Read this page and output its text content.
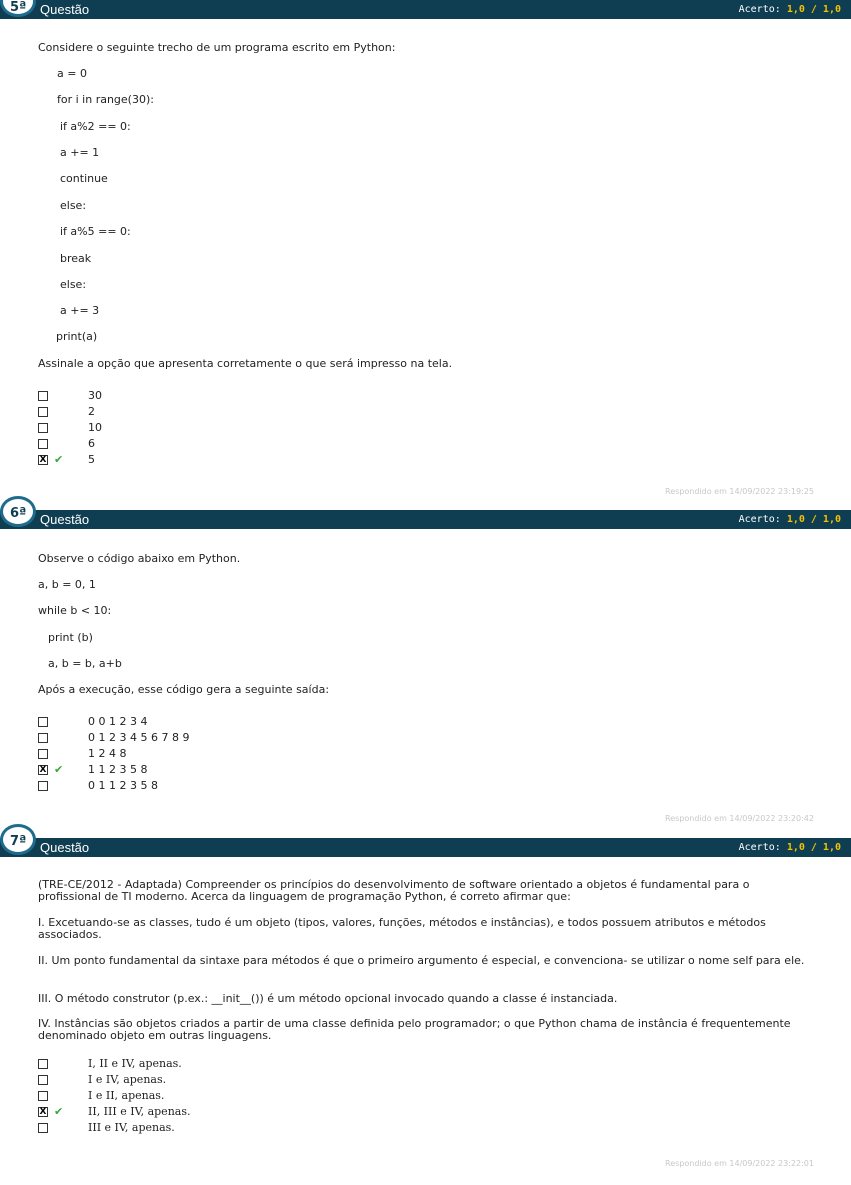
5ª Questão	Acerto: 1,0 / 1,0
Considere o seguinte trecho de um programa escrito em Python:
a = 0
for i in range(30):
if a%2 == 0:
a += 1
continue
else:
if a%5 == 0:
break
else:
a += 3
print(a)
Assinale a opção que apresenta corretamente o que será impresso na tela.
30
2
10
6
X ✔ 5
Respondido em 14/09/2022 23:19:25
6ª Questão	Acerto: 1,0 / 1,0
Observe o código abaixo em Python.
a, b = 0, 1
while b < 10:
print (b)
a, b = b, a+b
Após a execução, esse código gera a seguinte saída:
0 0 1 2 3 4
0 1 2 3 4 5 6 7 8 9
1 2 4 8
X ✔ 1 1 2 3 5 8
0 1 1 2 3 5 8
Respondido em 14/09/2022 23:20:42
7ª Questão	Acerto: 1,0 / 1,0
(TRE-CE/2012 - Adaptada) Compreender os princípios do desenvolvimento de software orientado a objetos é fundamental para o profissional de TI moderno. Acerca da linguagem de programação Python, é correto afirmar que:
I. Excetuando-se as classes, tudo é um objeto (tipos, valores, funções, métodos e instâncias), e todos possuem atributos e métodos associados.
II. Um ponto fundamental da sintaxe para métodos é que o primeiro argumento é especial, e convenciona- se utilizar o nome self para ele.
III. O método construtor (p.ex.: __init__()) é um método opcional invocado quando a classe é instanciada.
IV. Instâncias são objetos criados a partir de uma classe definida pelo programador; o que Python chama de instância é frequentemente denominado objeto em outras linguagens.
I, II e IV, apenas.
I e IV, apenas.
I e II, apenas.
X ✔ II, III e IV, apenas.
III e IV, apenas.
Respondido em 14/09/2022 23:22:01
